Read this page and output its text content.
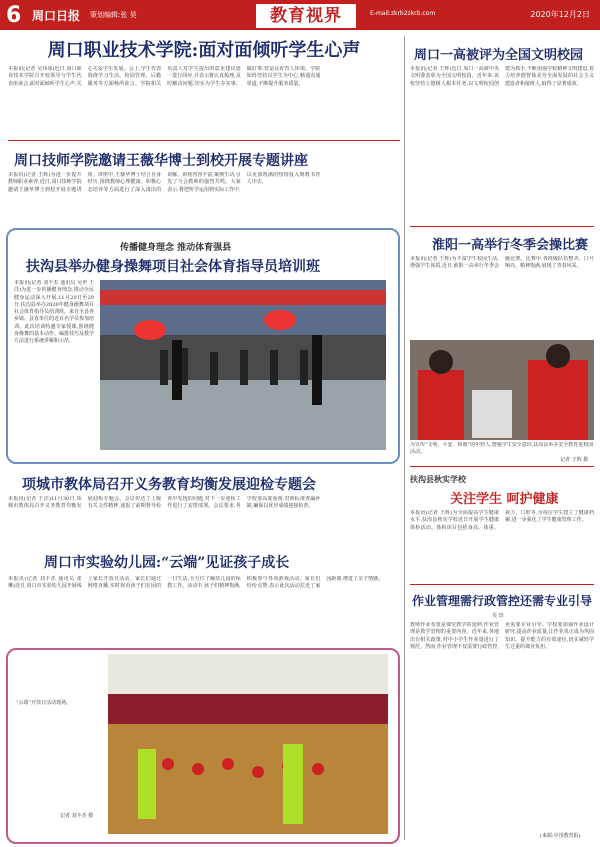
6 周口日报 策划编辑:张 昊	教育视界	E-mail:zkrb2zkrb.com	2020年12月2日
周口职业技术学院:面对面倾听学生心声
本报讯(记者 吴伟冰)近日,周口职业技术学院召开校领导与学生代表座谈会,面对面倾听学生心声,关心关爱学生发展。会上,学生代表围绕学习生活、校园管理、后勤服务等方面畅所欲言。学院相关负责人对学生提出的意见建议逐一进行回应,并表示将认真梳理,及时解决问题,切实为学生办实事、做好事,营造良好育人环境。学院始终坚持以学生为中心,畅通沟通渠道,不断提升服务质量。
周口技师学院邀请王薇华博士到校开展专题讲座
本报讯(记者 王辉)为进一步提升教师职业素养,近日,周口技师学院邀请王薇华博士到校开展专题讲座。讲座中,王薇华博士结合自身经历,围绕教师心理健康、积极心态培养等方面进行了深入浅出的讲解。讲座内容丰富,案例生动,引发了与会教师的强烈共鸣。大家表示,将把所学运用到实际工作中,以更加饱满的热情投入到教书育人中去。
传播健身理念 推动体育强县
扶沟县举办健身操舞项目社会体育指导员培训班
本报讯(记者 刘丰杰 通讯员 吴世 王洋)为进一步传播健身理念,推动全民健身运动深入开展,11月20日至29日,扶沟县举办2020年健身操舞项目社会体育指导员培训班。来自全县各乡镇、县直单位的近百名学员参加培训。此次培训特邀专家授课,围绕健身操舞的基本动作、编排技巧及教学方法进行系统讲解和示范。
项城市教体局召开义务教育均衡发展迎检专题会
本报讯(记者 王洋)11月30日,项城市教体局召开义务教育均衡发展迎检专题会。会议传达了上级有关文件精神,通报了前期督导检查中发现的问题,对下一步迎检工作进行了安排部署。会议要求,各学校要高度重视,对照标准查漏补缺,确保以优异成绩迎接检查。
周口市实验幼儿园:“云端”见证孩子成长
本报讯(记者 刘丰杰 通讯员 张琳)近日,周口市实验幼儿园开展线上家长开放日活动。家长们通过网络直播,实时观看孩子们在园的一日生活,全方位了解幼儿园的保教工作。活动中,孩子们精神饱满,积极参与各项游戏活动。家长们纷纷点赞,表示此次活动拉近了家园距离,增进了亲子情感。
“云端”开放日活动现场。
记者 刘丰杰 摄
周口一高被评为全国文明校园
本报讯(记者 王辉)近日,周口一高被中央文明委表彰为全国文明校园。近年来,该校坚持立德树人根本任务,以文明校园创建为抓手,不断加强学校精神文明建设,着力培养德智体美劳全面发展的社会主义建设者和接班人,取得了显著成效。
淮阳一高举行冬季会操比赛
本报讯(记者 王辉)为丰富学生校园生活,增强学生体质,近日,淮阳一高举行冬季会操比赛。比赛中,各班级队伍整齐、口号响亮、精神饱满,展现了青春风采。
为宣传“文明、平安、和谐”的年轻人,增强学生安全意识,扶沟县举办安全教育进校园活动。
记者 王辉 摄
扶沟县秋实学校
关注学生 呵护健康
本报讯(记者 王辉)为全面提高学生健康水平,扶沟县秋实学校近日开展学生健康体检活动。体检项目包括身高、体重、视力、口腔等,为每位学生建立了健康档案,进一步强化了学生健康管理工作。
作业管理需行政管控还需专业引导
吴 玢
教师作业布置是课堂教学的延伸,作业管理是教学管理的重要内容。近年来,各地出台相关政策,对中小学生作业量进行了规范。然而,作业管理不仅需要行政管控,更需要专业引导。学校要加强作业设计研究,提高作业质量,让作业真正成为巩固知识、提升能力的有效途径,切实减轻学生过重的课业负担。
(来源:中国教育报)
